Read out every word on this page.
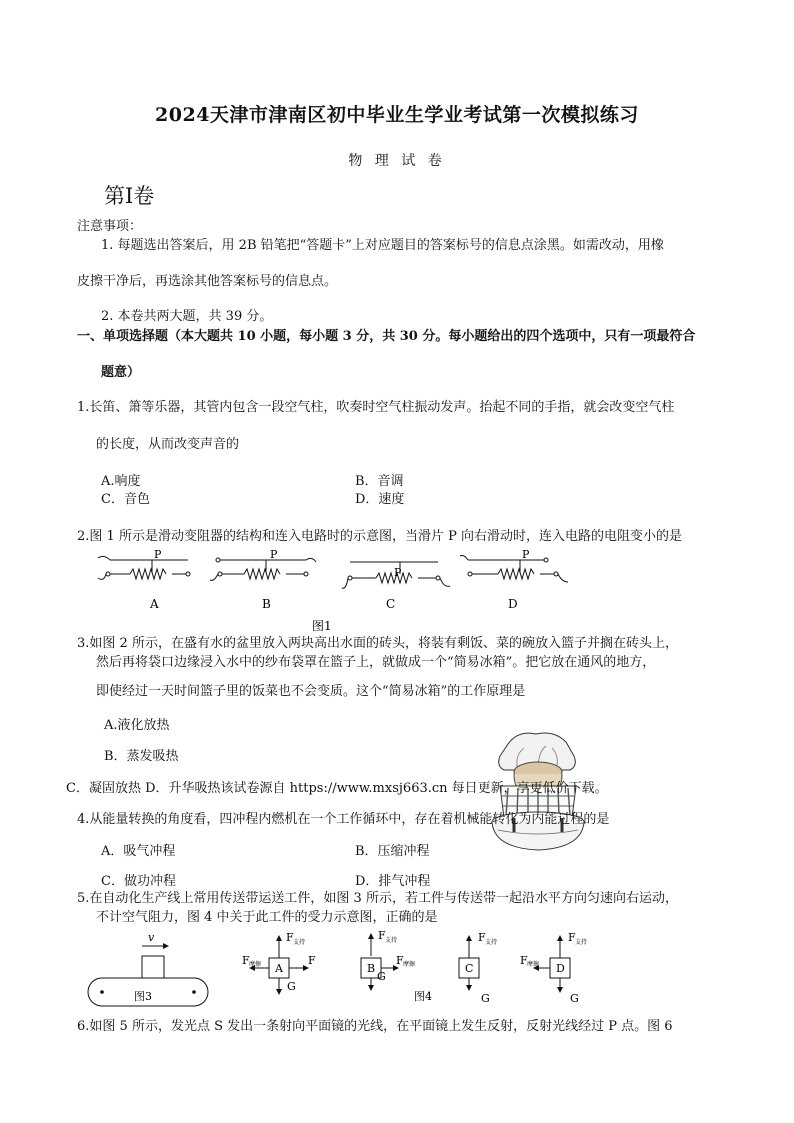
2024天津市津南区初中毕业生学业考试第一次模拟练习
物 理 试 卷
第Ⅰ卷
注意事项：
1. 每题选出答案后，用 2B 铅笔把“答题卡”上对应题目的答案标号的信息点涂黑。如需改动，用橡
皮擦干净后，再选涂其他答案标号的信息点。
2. 本卷共两大题，共 39 分。
一、单项选择题（本大题共 10 小题，每小题 3 分，共 30 分。每小题给出的四个选项中，只有一项最符合
题意）
1.长笛、箫等乐器，其管内包含一段空气柱，吹奏时空气柱振动发声。抬起不同的手指，就会改变空气柱
的长度，从而改变声音的
A.响度	B．音调
C．音色	D．速度
2.图 1 所示是滑动变阻器的结构和连入电路时的示意图，当滑片 P 向右滑动时，连入电路的电阻变小的是
P	P
P
P
A	B	C	D
图1
3.如图 2 所示，在盛有水的盆里放入两块高出水面的砖头，将装有剩饭、菜的碗放入篮子并搁在砖头上，
然后再将袋口边缘浸入水中的纱布袋罩在篮子上，就做成一个“简易冰箱”。把它放在通风的地方，
即使经过一天时间篮子里的饭菜也不会变质。这个“简易冰箱”的工作原理是
A.液化放热
B．蒸发吸热
C．凝固放热 D．升华吸热该试卷源自 https://www.mxsj663.cn 每日更新，享更低价下载。
4.从能量转换的角度看，四冲程内燃机在一个工作循环中，存在着机械能转化为内能过程的是
A．吸气冲程	B．压缩冲程
C．做功冲程	D．排气冲程
5.在自动化生产线上常用传送带运送工件，如图 3 所示，若工件与传送带一起沿水平方向匀速向右运动，
不计空气阻力，图 4 中关于此工件的受力示意图，正确的是
v
图3
A
F 支持
F 摩擦	F
G
B
F 支持
F 摩擦
G
图4
C
F 支持
G
D
F 支持
F 摩擦
G
6.如图 5 所示，发光点 S 发出一条射向平面镜的光线，在平面镜上发生反射，反射光线经过 P 点。图 6
